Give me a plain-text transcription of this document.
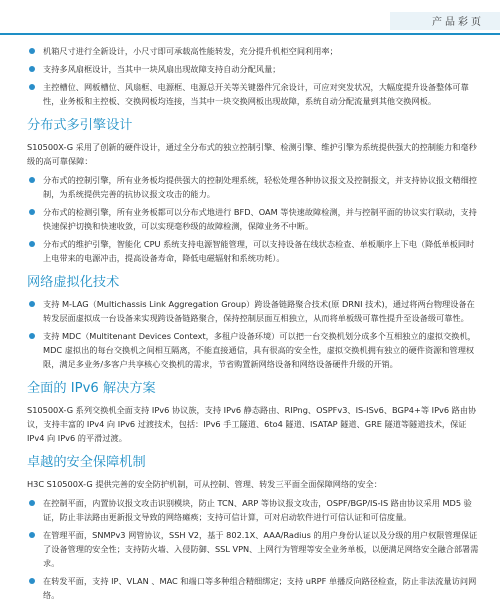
产品彩页
机箱尺寸进行全新设计，小尺寸即可承载高性能转发，充分提升机柜空间利用率；
支持多风扇框设计，当其中一块风扇出现故障支持自动分配风量；
主控槽位、网板槽位、风扇框、电源框、电源总开关等关键器件冗余设计，可应对突发状况，大幅度提升设备整体可靠性，业务板和主控板、交换网板均连接，当其中一块交换网板出现故障，系统自动分配流量到其他交换网板。
分布式多引擎设计
S10500X-G 采用了创新的硬件设计，通过全分布式的独立控制引擎、检测引擎、维护引擎为系统提供强大的控制能力和毫秒级的高可靠保障：
分布式的控制引擎，所有业务板均提供强大的控制处理系统，轻松处理各种协议报文及控制报文，并支持协议报文精细控制，为系统提供完善的抗协议报文攻击的能力。
分布式的检测引擎，所有业务板都可以分布式地进行 BFD、OAM 等快速故障检测，并与控制平面的协议实行联动，支持快速保护切换和快速收敛，可以实现毫秒级的故障检测，保障业务不中断。
分布式的维护引擎，智能化 CPU 系统支持电源智能管理，可以支持设备在线状态检查、单板顺序上下电（降低单板同时上电带来的电源冲击，提高设备寿命，降低电磁辐射和系统功耗）。
网络虚拟化技术
支持 M-LAG（Multichassis Link Aggregation Group）跨设备链路聚合技术(原 DRNI 技术)，通过将两台物理设备在转发层面虚拟成一台设备来实现跨设备链路聚合，保持控制层面互相独立，从而将单板级可靠性提升至设备级可靠性。
支持 MDC（Multitenant Devices Context，多租户设备环境）可以把一台交换机划分成多个互相独立的虚拟交换机，MDC 虚拟出的每台交换机之间相互隔离，不能直接通信，具有很高的安全性，虚拟交换机拥有独立的硬件资源和管理权限，满足多业务/多客户共享核心交换机的需求，节省购置新网络设备和网络设备硬件升级的开销。
全面的 IPv6 解决方案
S10500X-G 系列交换机全面支持 IPv6 协议族，支持 IPv6 静态路由、RIPng、OSPFv3、IS-ISv6、BGP4+等 IPv6 路由协议，支持丰富的 IPv4 向 IPv6 过渡技术，包括：IPv6 手工隧道、6to4 隧道、ISATAP 隧道、GRE 隧道等隧道技术，保证 IPv4 向 IPv6 的平滑过渡。
卓越的安全保障机制
H3C S10500X-G 提供完善的安全防护机制，可从控制、管理、转发三平面全面保障网络的安全：
在控制平面，内置协议报文攻击识别模块，防止 TCN、ARP 等协议报文攻击，OSPF/BGP/IS-IS 路由协议采用 MD5 验证，防止非法路由更新报文导致的网络瘫痪；支持可信计算，可对启动软件进行可信认证和可信度量。
在管理平面，SNMPv3 网管协议，SSH V2，基于 802.1X、AAA/Radius 的用户身份认证以及分级的用户权限管理保证了设备管理的安全性；支持防火墙、入侵防御、SSL VPN、上网行为管理等安全业务单板，以便满足网络安全融合部署需求。
在转发平面，支持 IP、VLAN 、MAC 和端口等多种组合精细绑定；支持 uRPF 单播反向路径检查，防止非法流量访问网络。
